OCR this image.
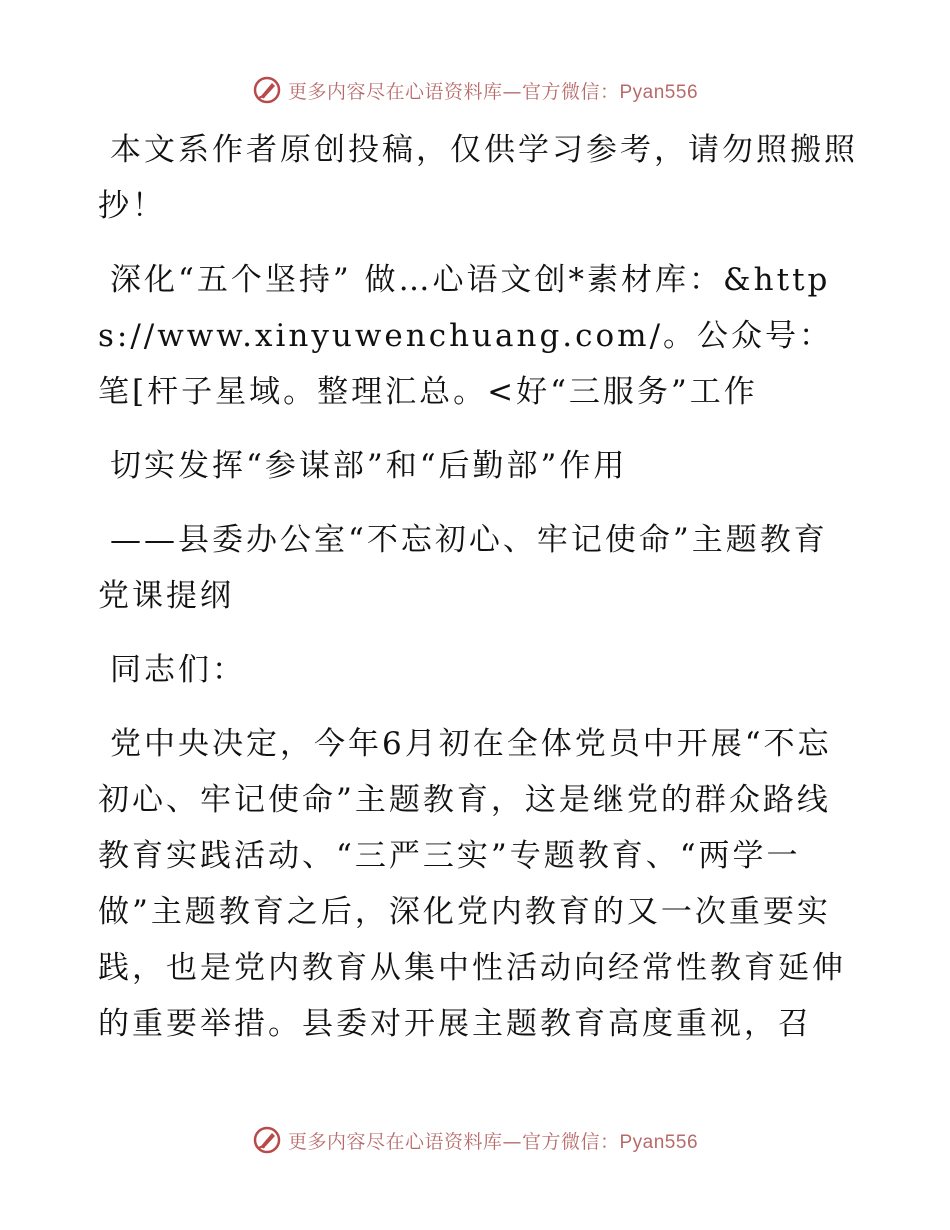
更多内容尽在心语资料库—官方微信：Pyan556

本文系作者原创投稿，仅供学习参考，请勿照搬照抄！

深化“五个坚持” 做…心语文创*素材库：&https://www.xinyuwenchuang.com/。公众号：笔[杆子星域。整理汇总。<好“三服务”工作

切实发挥“参谋部”和“后勤部”作用

——县委办公室“不忘初心、牢记使命”主题教育党课提纲

同志们：

党中央决定，今年6月初在全体党员中开展“不忘初心、牢记使命”主题教育，这是继党的群众路线教育实践活动、“三严三实”专题教育、“两学一做”主题教育之后，深化党内教育的又一次重要实践，也是党内教育从集中性活动向经常性教育延伸的重要举措。县委对开展主题教育高度重视，召

更多内容尽在心语资料库—官方微信：Pyan556
